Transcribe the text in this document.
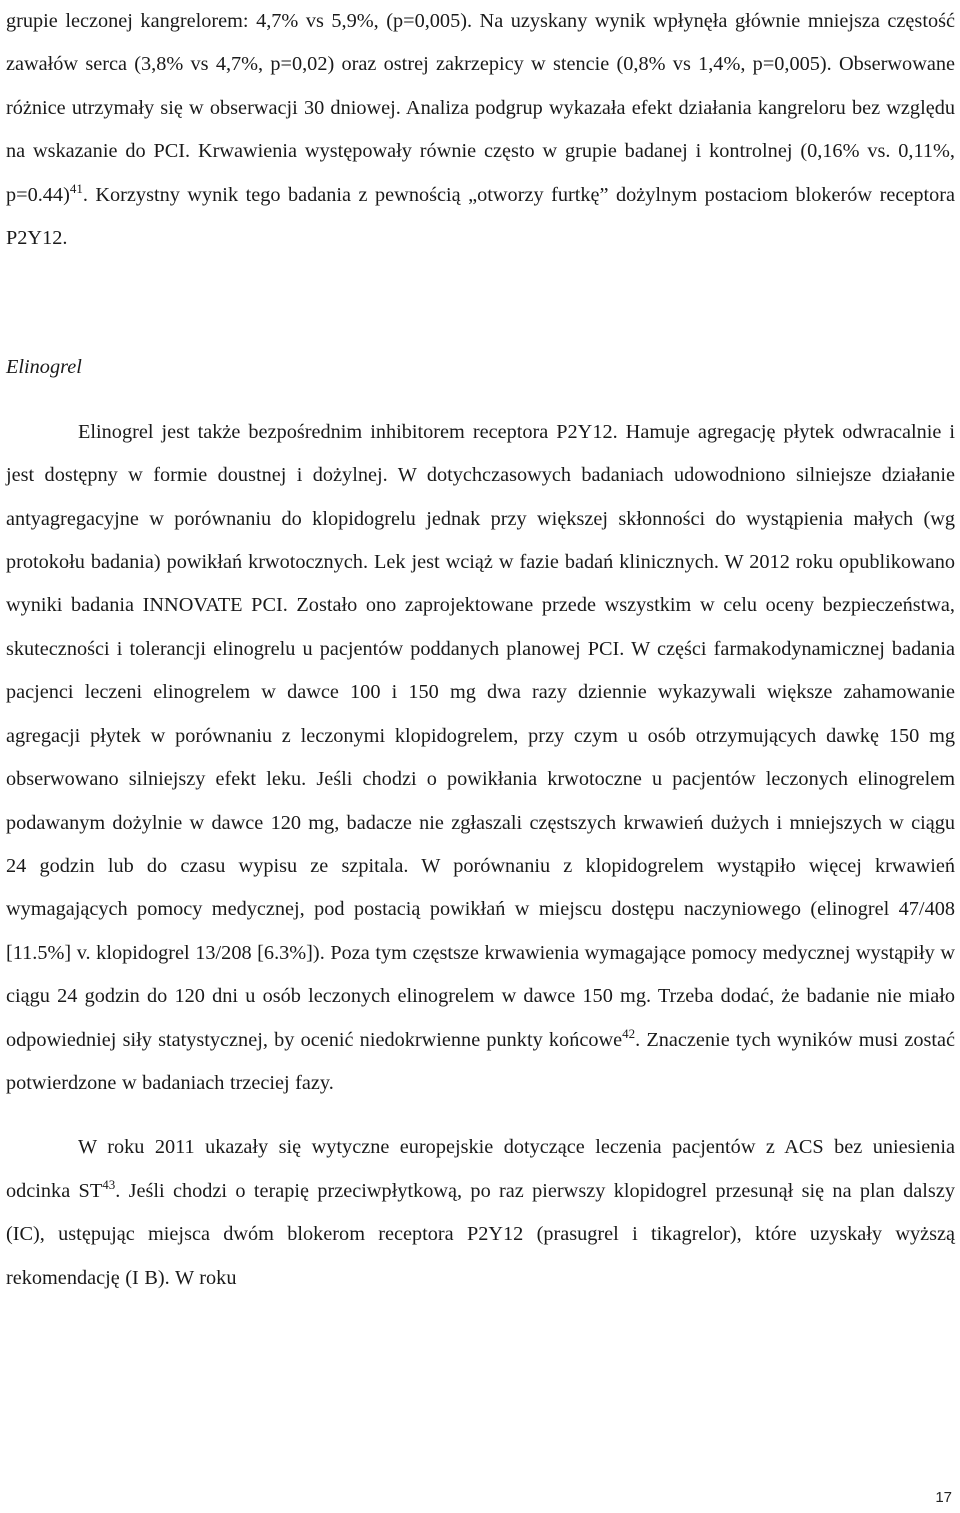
grupie leczonej kangrelorem: 4,7% vs 5,9%, (p=0,005). Na uzyskany wynik wpłynęła głównie mniejsza częstość zawałów serca (3,8% vs 4,7%, p=0,02) oraz ostrej zakrzepicy w stencie (0,8% vs 1,4%, p=0,005). Obserwowane różnice utrzymały się w obserwacji 30 dniowej. Analiza podgrup wykazała efekt działania kangreloru bez względu na wskazanie do PCI. Krwawienia występowały równie często w grupie badanej i kontrolnej (0,16% vs. 0,11%, p=0.44)$^{41}$. Korzystny wynik tego badania z pewnością „otworzy furtkę” dożylnym postaciom blokerów receptora P2Y12.

Elinogrel

Elinogrel jest także bezpośrednim inhibitorem receptora P2Y12. Hamuje agregację płytek odwracalnie i jest dostępny w formie doustnej i dożylnej. W dotychczasowych badaniach udowodniono silniejsze działanie antyagregacyjne w porównaniu do klopidogrelu jednak przy większej skłonności do wystąpienia małych (wg protokołu badania) powikłań krwotocznych. Lek jest wciąż w fazie badań klinicznych. W 2012 roku opublikowano wyniki badania INNOVATE PCI. Zostało ono zaprojektowane przede wszystkim w celu oceny bezpieczeństwa, skuteczności i tolerancji elinogrelu u pacjentów poddanych planowej PCI. W części farmakodynamicznej badania pacjenci leczeni elinogrelem w dawce 100 i 150 mg dwa razy dziennie wykazywali większe zahamowanie agregacji płytek w porównaniu z leczonymi klopidogrelem, przy czym u osób otrzymujących dawkę 150 mg obserwowano silniejszy efekt leku. Jeśli chodzi o powikłania krwotoczne u pacjentów leczonych elinogrelem podawanym dożylnie w dawce 120 mg, badacze nie zgłaszali częstszych krwawień dużych i mniejszych w ciągu 24 godzin lub do czasu wypisu ze szpitala. W porównaniu z klopidogrelem wystąpiło więcej krwawień wymagających pomocy medycznej, pod postacią powikłań w miejscu dostępu naczyniowego (elinogrel 47/408 [11.5%] v. klopidogrel 13/208 [6.3%]). Poza tym częstsze krwawienia wymagające pomocy medycznej wystąpiły w ciągu 24 godzin do 120 dni u osób leczonych elinogrelem w dawce 150 mg. Trzeba dodać, że badanie nie miało odpowiedniej siły statystycznej, by ocenić niedokrwienne punkty końcowe$^{42}$. Znaczenie tych wyników musi zostać potwierdzone w badaniach trzeciej fazy.

W roku 2011 ukazały się wytyczne europejskie dotyczące leczenia pacjentów z ACS bez uniesienia odcinka ST$^{43}$. Jeśli chodzi o terapię przeciwpłytkową, po raz pierwszy klopidogrel przesunął się na plan dalszy (IC), ustępując miejsca dwóm blokerom receptora P2Y12 (prasugrel i tikagrelor), które uzyskały wyższą rekomendację (I B). W roku

17
